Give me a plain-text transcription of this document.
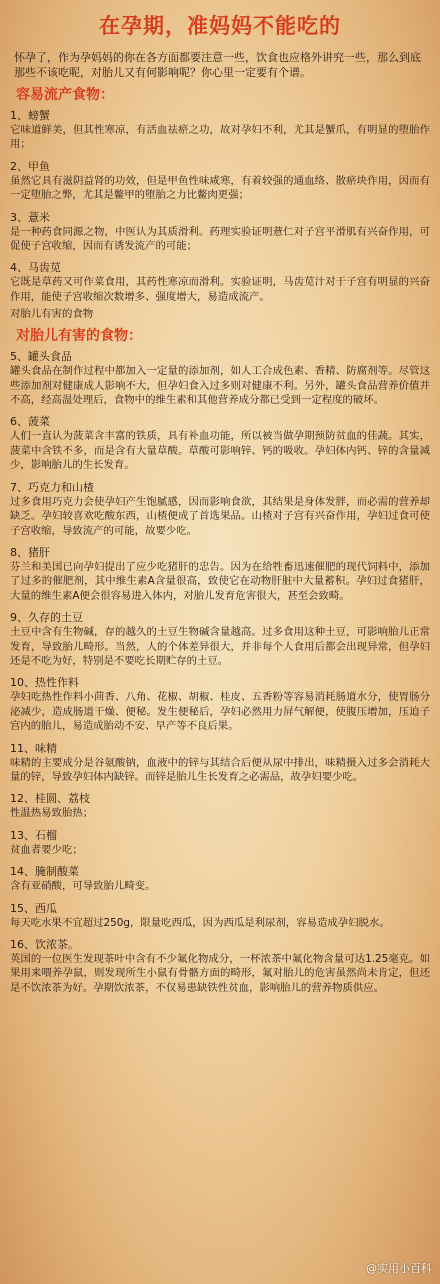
在孕期，准妈妈不能吃的

怀孕了，作为孕妈妈的你在各方面都要注意一些，饮食也应格外讲究一些，那么到底那些不该吃呢，对胎儿又有何影响呢？你心里一定要有个谱。

容易流产食物：

1、螃蟹

它味道鲜美，但其性寒凉，有活血祛瘀之功，故对孕妇不利，尤其是蟹爪，有明显的堕胎作用；

2、甲鱼

虽然它具有滋阴益肾的功效，但是甲鱼性味咸寒，有着较强的通血络、散瘀块作用，因而有一定堕胎之弊，尤其是鳖甲的堕胎之力比鳖肉更强；

3、薏米

是一种药食同源之物，中医认为其质滑利。药理实验证明薏仁对子宫平滑肌有兴奋作用，可促使子宫收缩，因而有诱发流产的可能；

4、马齿苋

它既是草药又可作菜食用，其药性寒凉而滑利。实验证明，马齿苋汁对于子宫有明显的兴奋作用，能使子宫收缩次数增多、强度增大，易造成流产。

对胎儿有害的食物

对胎儿有害的食物：

5、罐头食品

罐头食品在制作过程中都加入一定量的添加剂，如人工合成色素、香精、防腐剂等。尽管这些添加剂对健康成人影响不大，但孕妇食入过多则对健康不利。另外，罐头食品营养价值并不高，经高温处理后，食物中的维生素和其他营养成分都已受到一定程度的破坏。

6、菠菜

人们一直认为菠菜含丰富的铁质，具有补血功能，所以被当做孕期预防贫血的佳蔬。其实，菠菜中含铁不多，而是含有大量草酸。草酸可影响锌、钙的吸收。孕妇体内钙、锌的含量减少，影响胎儿的生长发育。

7、巧克力和山楂

过多食用巧克力会使孕妇产生饱腻感，因而影响食欲，其结果是身体发胖，而必需的营养却缺乏。孕妇较喜欢吃酸东西，山楂便成了首选果品。山楂对子宫有兴奋作用，孕妇过食可使子宫收缩，导致流产的可能，故要少吃。

8、猪肝

芬兰和美国已向孕妇提出了应少吃猪肝的忠告。因为在给牲畜迅速催肥的现代饲料中，添加了过多的催肥剂，其中维生素A含量很高，致使它在动物肝脏中大量蓄积。孕妇过食猪肝，大量的维生素A便会很容易进入体内，对胎儿发育危害很大，甚至会致畸。

9、久存的土豆

土豆中含有生物碱，存的越久的土豆生物碱含量越高。过多食用这种土豆，可影响胎儿正常发育，导致胎儿畸形。当然，人的个体差异很大，并非每个人食用后都会出现异常，但孕妇还是不吃为好，特别是不要吃长期贮存的土豆。

10、热性作料

孕妇吃热性作料小茴香、八角、花椒、胡椒、桂皮、五香粉等容易消耗肠道水分，使胃肠分泌减少，造成肠道干燥、便秘。发生便秘后，孕妇必然用力屏气解便，使腹压增加，压迫子宫内的胎儿，易造成胎动不安、早产等不良后果。

11、味精

味精的主要成分是谷氨酸钠，血液中的锌与其结合后便从尿中排出，味精摄入过多会消耗大量的锌，导致孕妇体内缺锌。而锌是胎儿生长发育之必需品，故孕妇要少吃。

12、桂圆、荔枝

性温热易致胎热；

13、石榴

贫血者要少吃；

14、腌制酸菜

含有亚硝酸，可导致胎儿畸变。

15、西瓜

每天吃水果不宜超过250g，限量吃西瓜，因为西瓜是利尿剂，容易造成孕妇脱水。

16、饮浓茶。

英国的一位医生发现茶叶中含有不少氟化物成分，一杯浓茶中氟化物含量可达1.25毫克。如果用来喂养孕鼠，则发现所生小鼠有骨骼方面的畸形，氟对胎儿的危害虽然尚未肯定，但还是不饮浓茶为好。孕期饮浓茶，不仅易患缺铁性贫血，影响胎儿的营养物质供应。

@实用小百科
